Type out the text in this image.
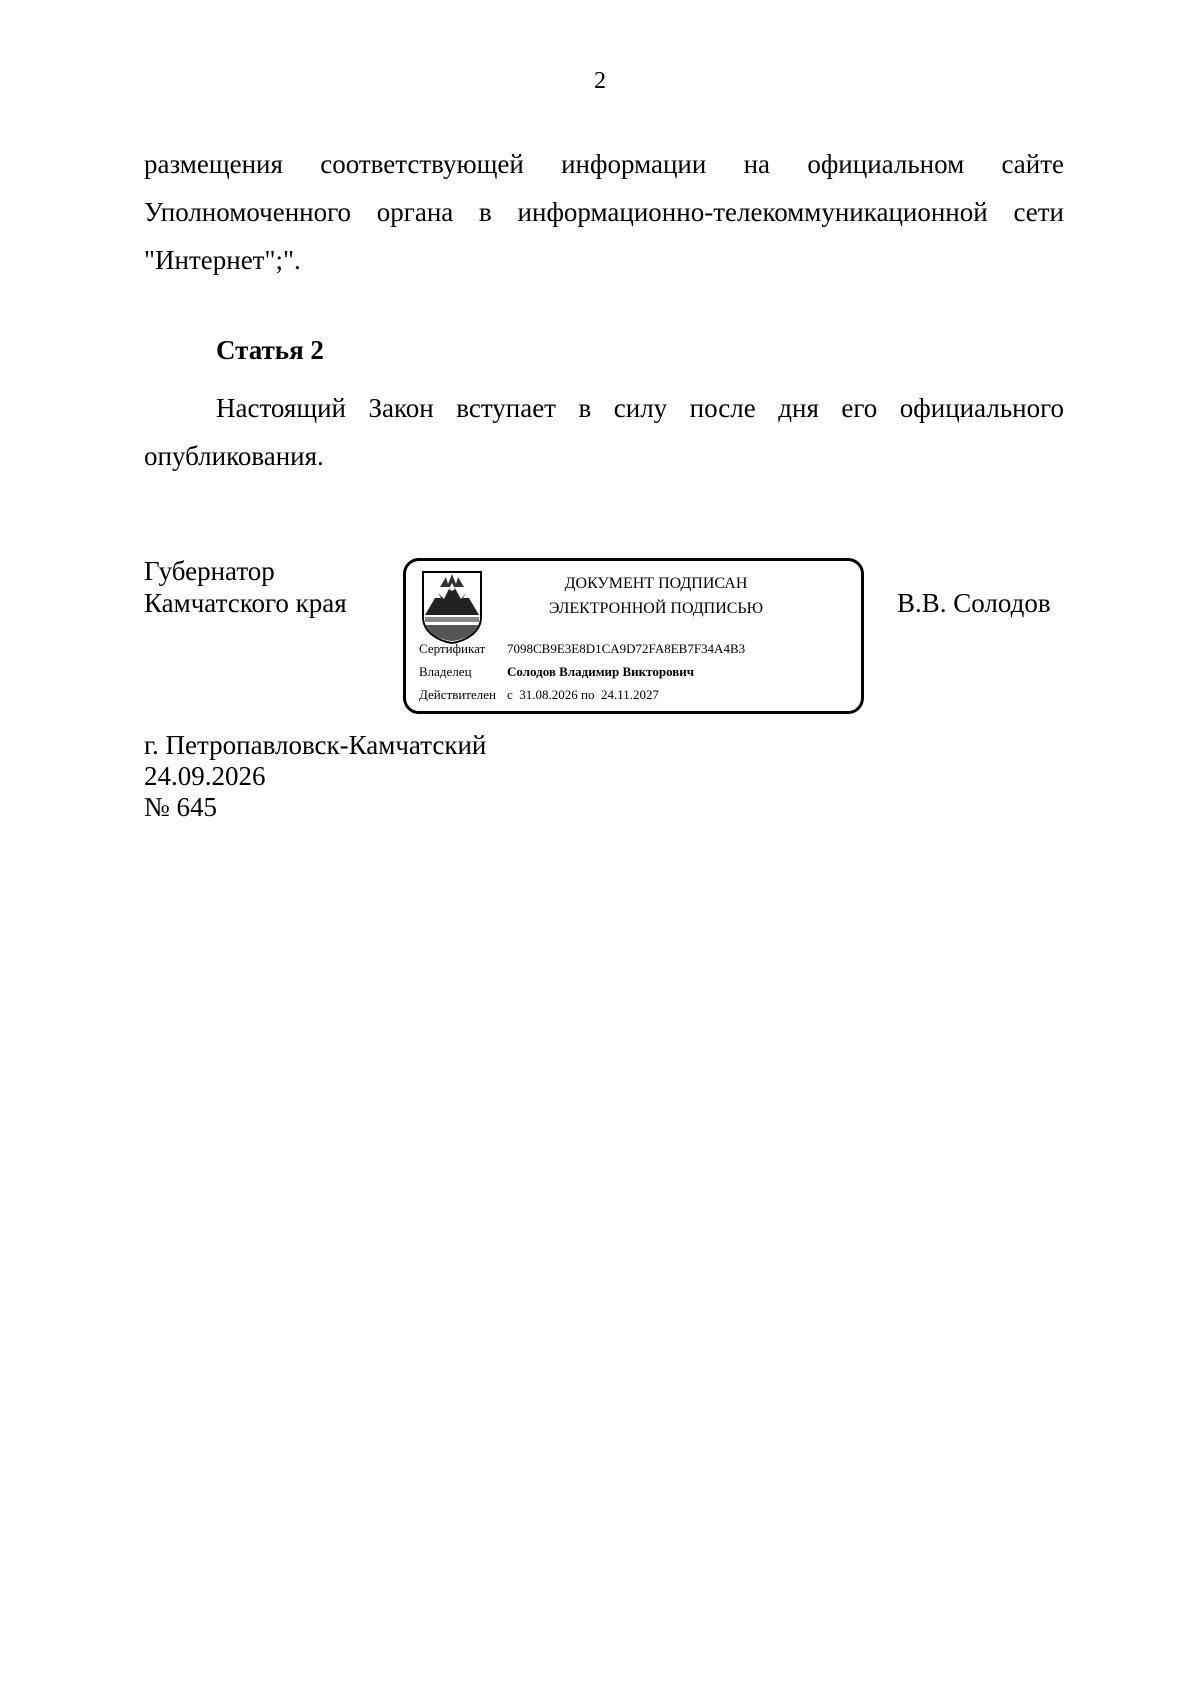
2
размещения соответствующей информации на официальном сайте Уполномоченного органа в информационно-телекоммуникационной сети "Интернет";".
Статья 2
Настоящий Закон вступает в силу после дня его официального опубликования.
Губернатор
Камчатского края
ДОКУМЕНТ ПОДПИСАН
ЭЛЕКТРОННОЙ ПОДПИСЬЮ
Сертификат 7098CB9E3E8D1CA9D72FA8EB7F34A4B3
Владелец	Солодов Владимир Викторович
Действителен с 31.08.2026 по 24.11.2027
В.В. Солодов
г. Петропавловск-Камчатский
24.09.2026
№ 645
